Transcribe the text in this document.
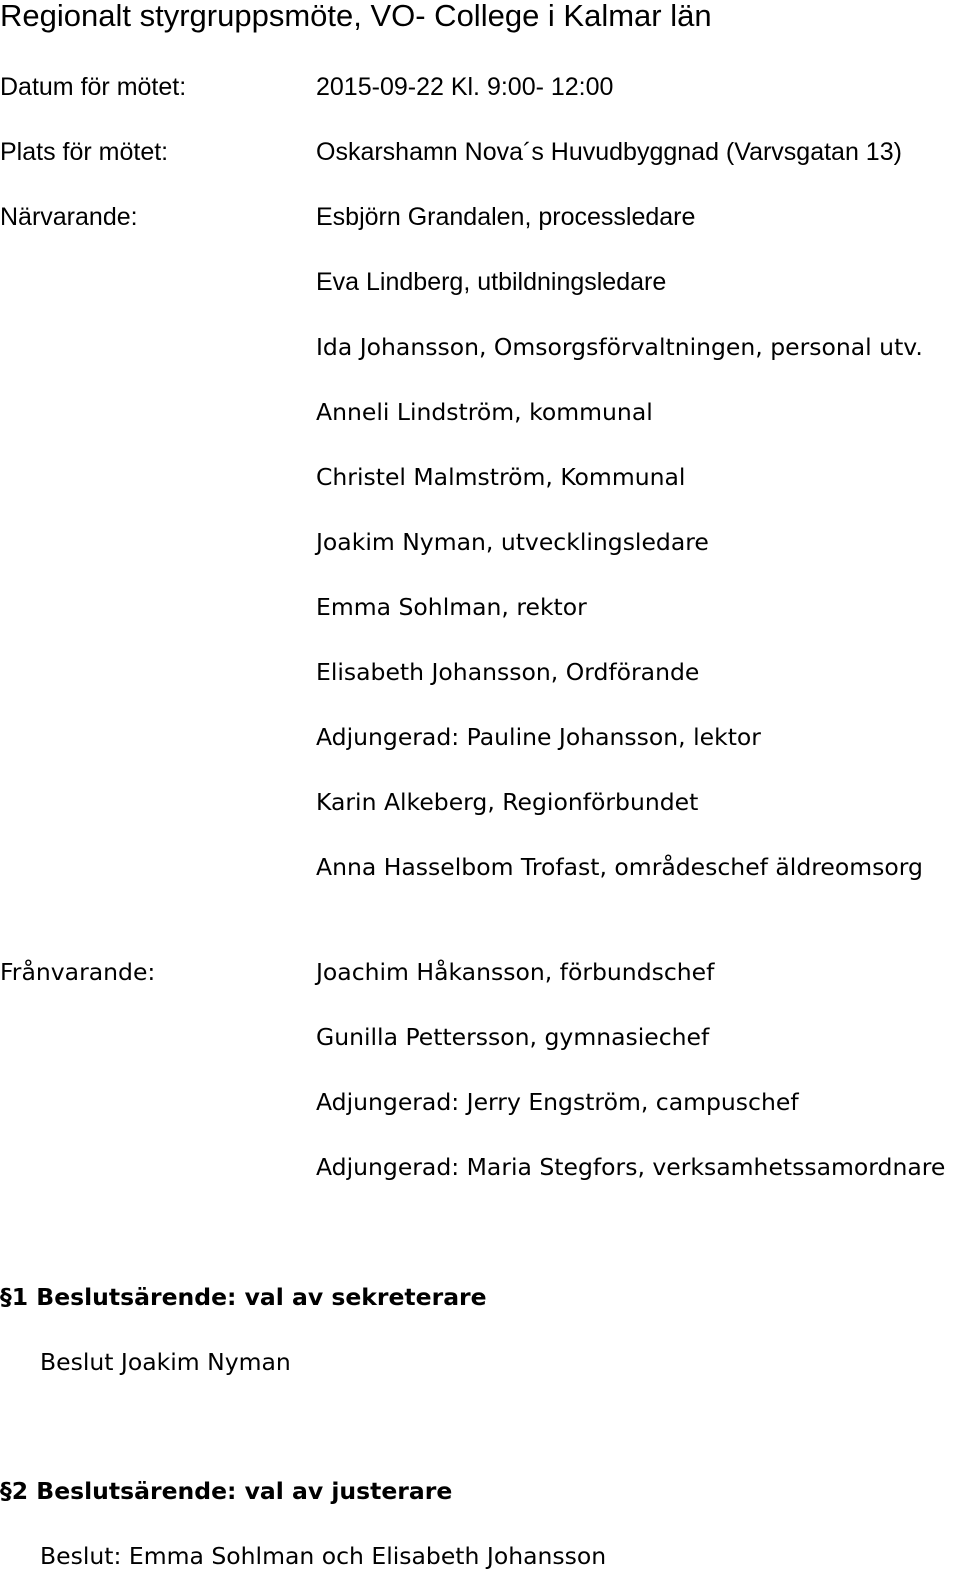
Regionalt styrgruppsmöte, VO- College i Kalmar län
Datum för mötet:	2015-09-22 Kl. 9:00- 12:00
Plats för mötet:	Oskarshamn Nova´s Huvudbyggnad (Varvsgatan 13)
Närvarande:	Esbjörn Grandalen, processledare
Eva Lindberg, utbildningsledare
Ida Johansson, Omsorgsförvaltningen, personal utv.
Anneli Lindström, kommunal
Christel Malmström, Kommunal
Joakim Nyman, utvecklingsledare
Emma Sohlman, rektor
Elisabeth Johansson, Ordförande
Adjungerad: Pauline Johansson, lektor
Karin Alkeberg, Regionförbundet
Anna Hasselbom Trofast, områdeschef äldreomsorg
Frånvarande:	Joachim Håkansson, förbundschef
Gunilla Pettersson, gymnasiechef
Adjungerad: Jerry Engström, campuschef
Adjungerad: Maria Stegfors, verksamhetssamordnare
§1 Beslutsärende: val av sekreterare
Beslut Joakim Nyman
§2 Beslutsärende: val av justerare
Beslut: Emma Sohlman och Elisabeth Johansson
